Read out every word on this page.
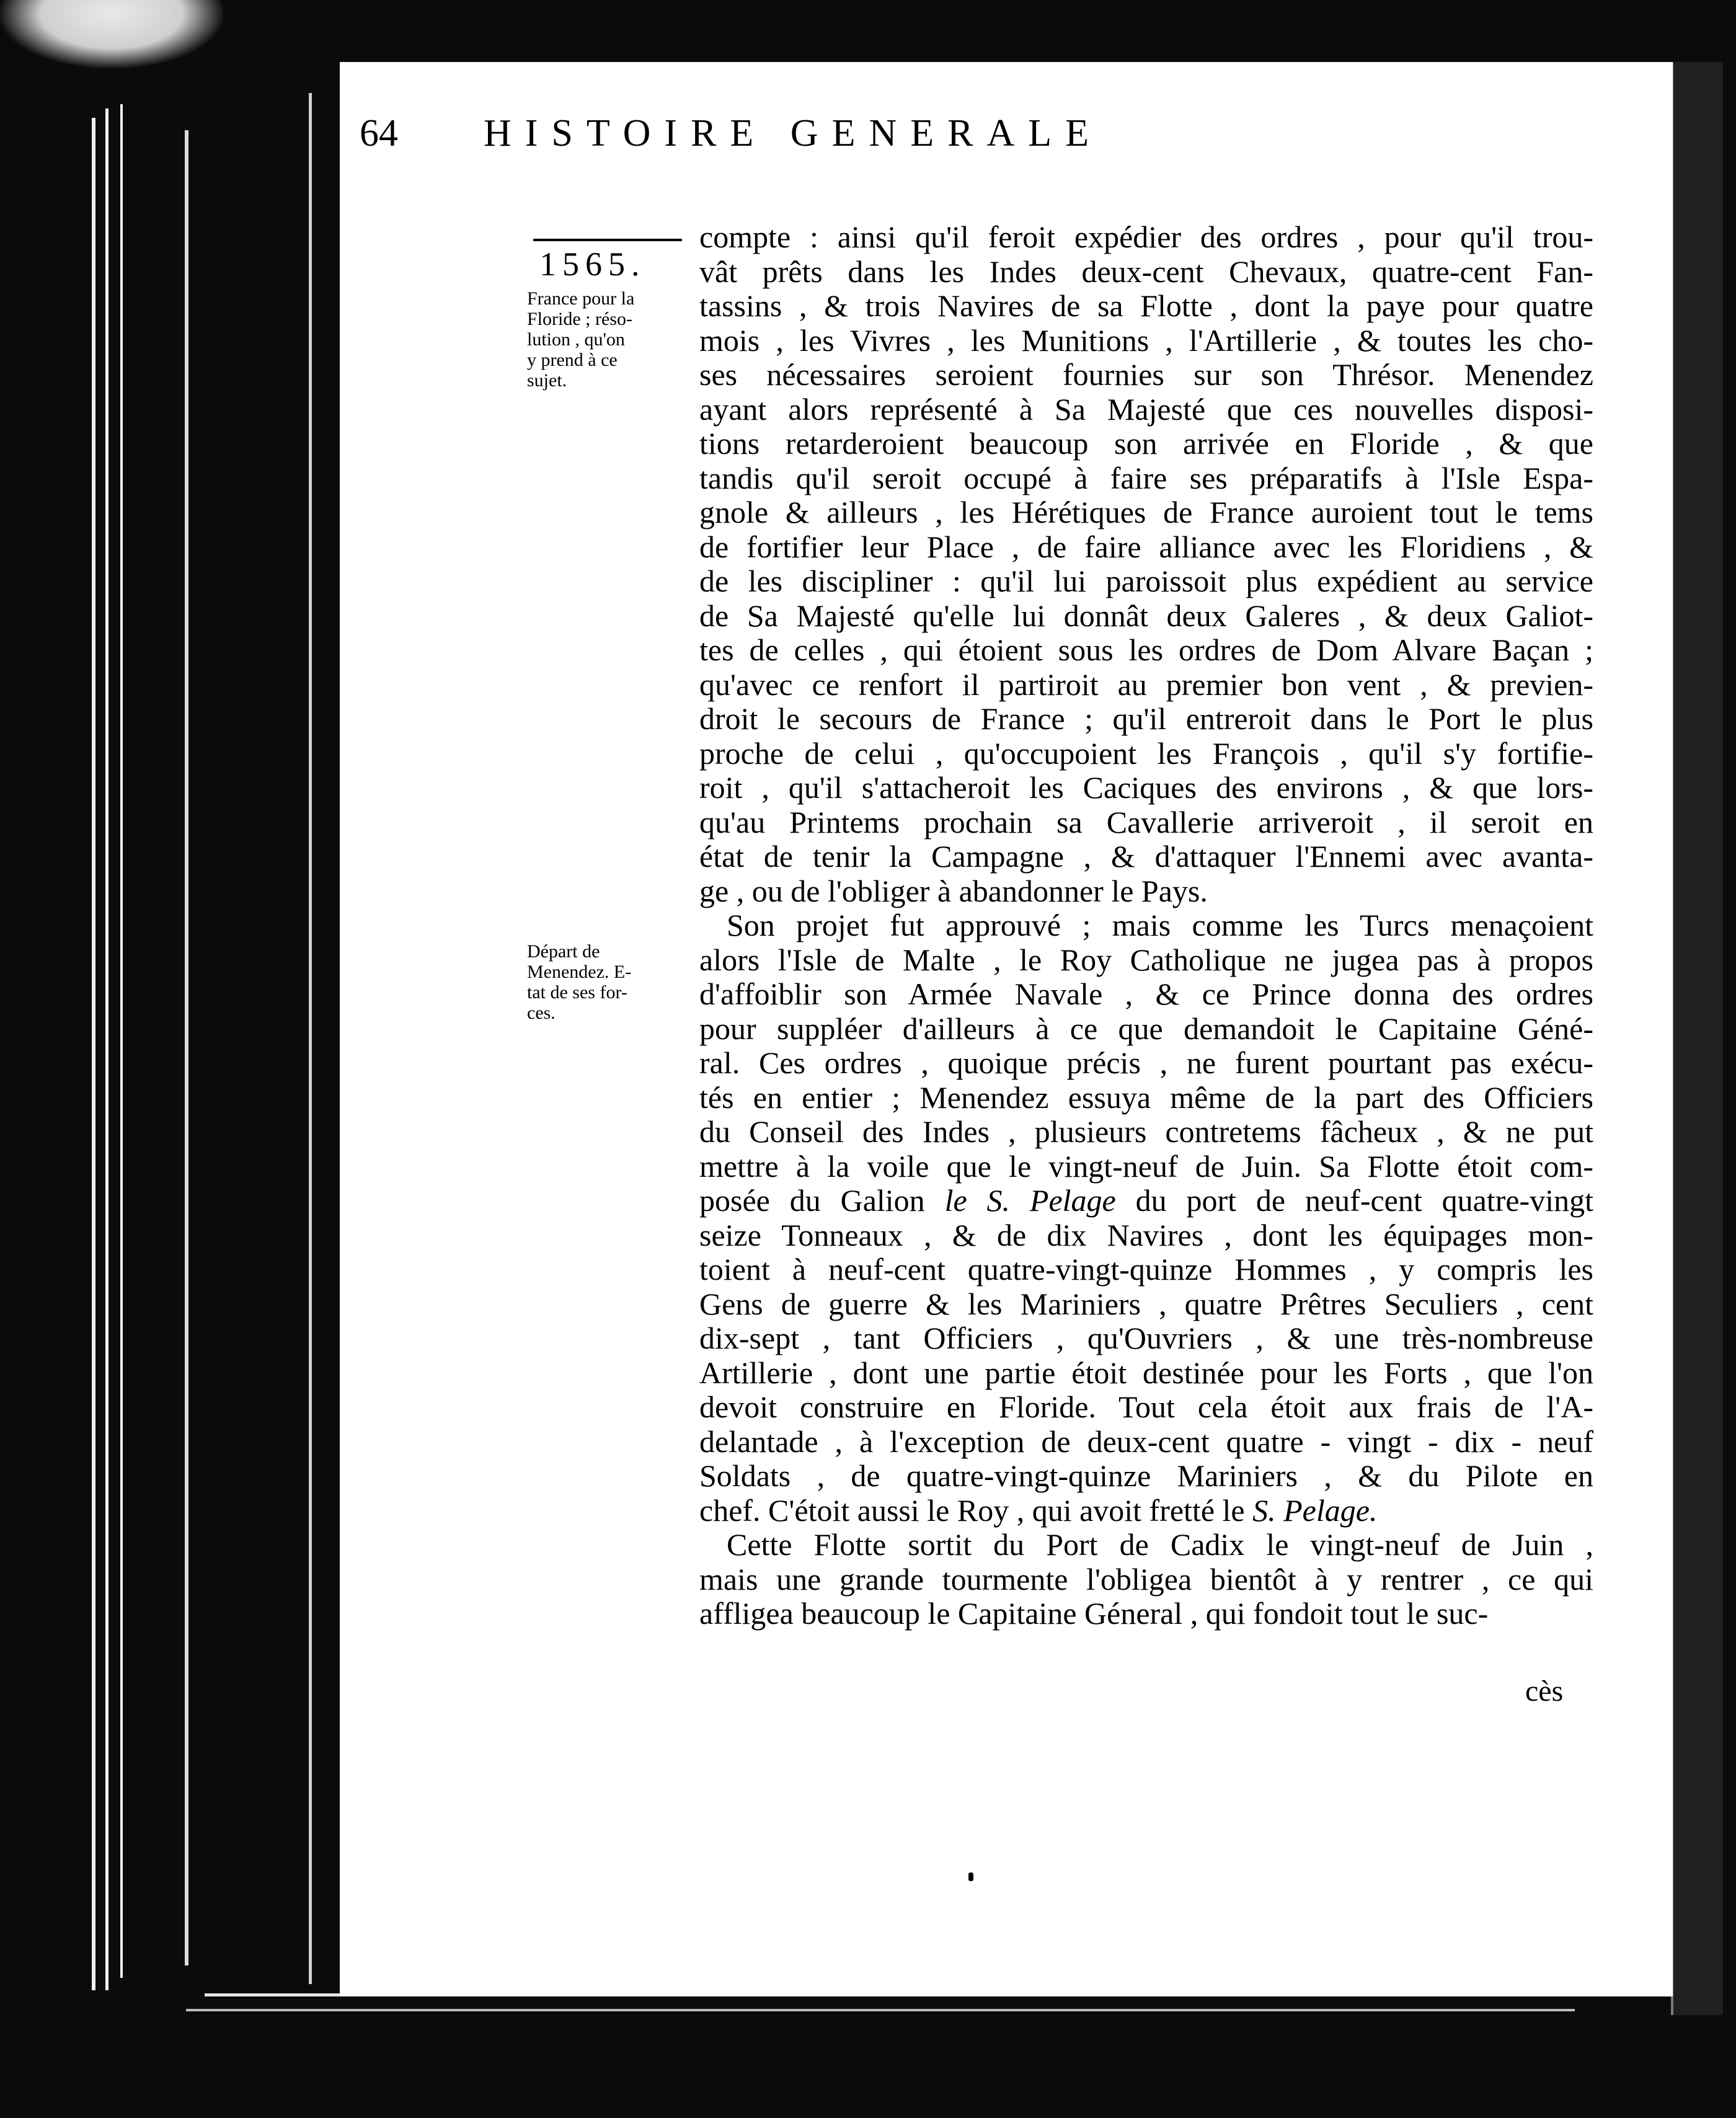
64 HISTOIRE GENERALE
1565.
France pour la
Floride ; réso-
lution , qu'on
y prend à ce
sujet.
Départ de
Menendez. E-
tat de ses for-
ces.

compte : ainsi qu'il feroit expédier des ordres , pour qu'il trou-
vât prêts dans les Indes deux-cent Chevaux, quatre-cent Fan-
tassins , & trois Navires de sa Flotte , dont la paye pour quatre
mois , les Vivres , les Munitions , l'Artillerie , & toutes les cho-
ses nécessaires seroient fournies sur son Thrésor. Menendez
ayant alors représenté à Sa Majesté que ces nouvelles disposi-
tions retarderoient beaucoup son arrivée en Floride , & que
tandis qu'il seroit occupé à faire ses préparatifs à l'Isle Espa-
gnole & ailleurs , les Hérétiques de France auroient tout le tems
de fortifier leur Place , de faire alliance avec les Floridiens , &
de les discipliner : qu'il lui paroissoit plus expédient au service
de Sa Majesté qu'elle lui donnât deux Galeres , & deux Galiot-
tes de celles , qui étoient sous les ordres de Dom Alvare Baçan ;
qu'avec ce renfort il partiroit au premier bon vent , & previen-
droit le secours de France ; qu'il entreroit dans le Port le plus
proche de celui , qu'occupoient les François , qu'il s'y fortifie-
roit , qu'il s'attacheroit les Caciques des environs , & que lors-
qu'au Printems prochain sa Cavallerie arriveroit , il seroit en
état de tenir la Campagne , & d'attaquer l'Ennemi avec avanta-
ge , ou de l'obliger à abandonner le Pays.

Son projet fut approuvé ; mais comme les Turcs menaçoient
alors l'Isle de Malte , le Roy Catholique ne jugea pas à propos
d'affoiblir son Armée Navale , & ce Prince donna des ordres
pour suppléer d'ailleurs à ce que demandoit le Capitaine Géné-
ral. Ces ordres , quoique précis , ne furent pourtant pas exécu-
tés en entier ; Menendez essuya même de la part des Officiers
du Conseil des Indes , plusieurs contretems fâcheux , & ne put
mettre à la voile que le vingt-neuf de Juin. Sa Flotte étoit com-
posée du Galion le S. Pelage du port de neuf-cent quatre-vingt
seize Tonneaux , & de dix Navires , dont les équipages mon-
toient à neuf-cent quatre-vingt-quinze Hommes , y compris les
Gens de guerre & les Mariniers , quatre Prêtres Seculiers , cent
dix-sept , tant Officiers , qu'Ouvriers , & une très-nombreuse
Artillerie , dont une partie étoit destinée pour les Forts , que l'on
devoit construire en Floride. Tout cela étoit aux frais de l'A-
delantade , à l'exception de deux-cent quatre - vingt - dix - neuf
Soldats , de quatre-vingt-quinze Mariniers , & du Pilote en
chef. C'étoit aussi le Roy , qui avoit fretté le S. Pelage.

Cette Flotte sortit du Port de Cadix le vingt-neuf de Juin ,
mais une grande tourmente l'obligea bientôt à y rentrer , ce qui
affligea beaucoup le Capitaine Géneral , qui fondoit tout le suc-

cès
